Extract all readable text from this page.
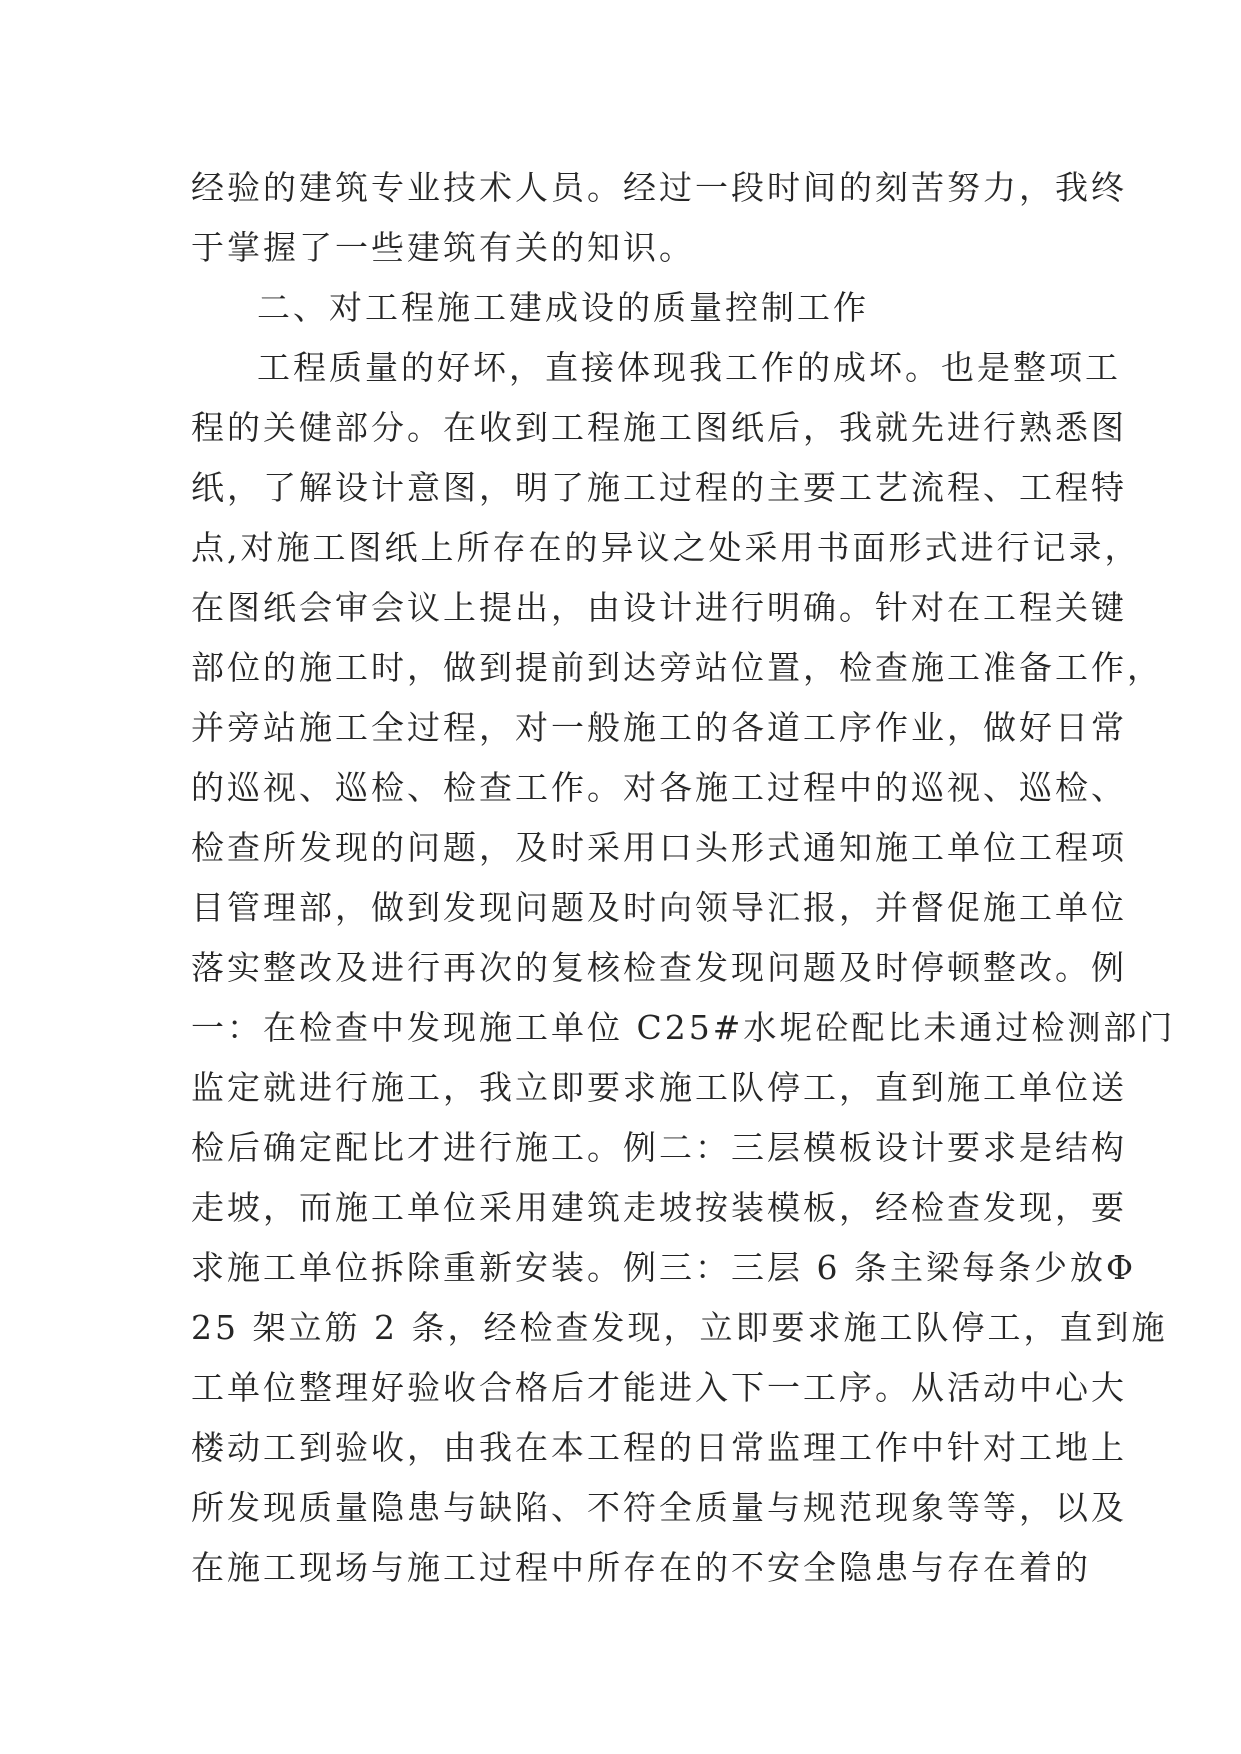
经验的建筑专业技术人员。经过一段时间的刻苦努力，我终
于掌握了一些建筑有关的知识。
二、对工程施工建成设的质量控制工作
工程质量的好坏，直接体现我工作的成坏。也是整项工
程的关健部分。在收到工程施工图纸后，我就先进行熟悉图
纸，了解设计意图，明了施工过程的主要工艺流程、工程特
点,对施工图纸上所存在的异议之处采用书面形式进行记录，
在图纸会审会议上提出，由设计进行明确。针对在工程关键
部位的施工时，做到提前到达旁站位置，检查施工准备工作，
并旁站施工全过程，对一般施工的各道工序作业，做好日常
的巡视、巡检、检查工作。对各施工过程中的巡视、巡检、
检查所发现的问题，及时采用口头形式通知施工单位工程项
目管理部，做到发现问题及时向领导汇报，并督促施工单位
落实整改及进行再次的复核检查发现问题及时停顿整改。例
一：在检查中发现施工单位 C25#水坭砼配比未通过检测部门
监定就进行施工，我立即要求施工队停工，直到施工单位送
检后确定配比才进行施工。例二：三层模板设计要求是结构
走坡，而施工单位采用建筑走坡按装模板，经检查发现，要
求施工单位拆除重新安装。例三：三层 6 条主梁每条少放Φ
25 架立筋 2 条，经检查发现，立即要求施工队停工，直到施
工单位整理好验收合格后才能进入下一工序。从活动中心大
楼动工到验收，由我在本工程的日常监理工作中针对工地上
所发现质量隐患与缺陷、不符全质量与规范现象等等，以及
在施工现场与施工过程中所存在的不安全隐患与存在着的
